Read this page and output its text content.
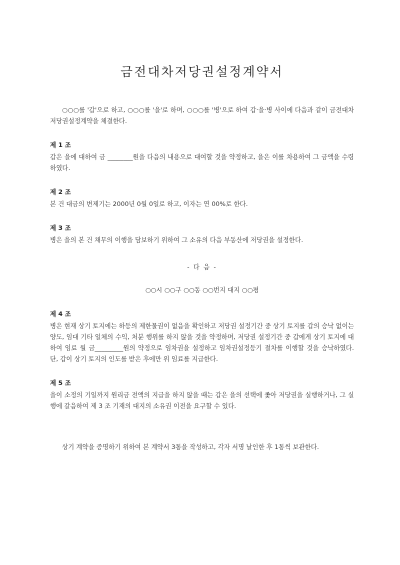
금전대차저당권설정계약서

○○○를 '갑'으로 하고, ○○○를 '을'로 하며, ○○○를 '병'으로 하여 갑·을·병 사이에 다음과 같이 금전대차 저당권설정계약을 체결한다.

제 1 조

갑은 을에 대하여 금 ________원을 다음의 내용으로 대여할 것을 약정하고, 을은 이를 차용하여 그 금액을 수령하였다.

제 2 조

본 건 대금의 변제기는 2000년 0월 0일로 하고, 이자는 연 00%로 한다.

제 3 조

병은 을의 본 건 채무의 이행을 담보하기 위하여 그 소유의 다음 부동산에 저당권을 설정한다.

- 다 음 -

○○시 ○○구 ○○동 ○○번지 대지 ○○평

제 4 조

병은 현재 상기 토지에는 하등의 제한물권이 없음을 확인하고 저당권 설정기간 중 상기 토지를 갑의 승낙 없이는 양도, 임대 기타 일체의 수익, 처분 행위를 하지 않을 것을 약정하며, 저당권 설정기간 중 갑에게 상기 토지에 대하여 임료 월 금_________원의 약정으로 임차권을 설정하고 임차권설정등기 절차를 이행할 것을 승낙하였다. 단, 갑이 상기 토지의 인도를 받은 후에만 위 임료를 지급한다.

제 5 조

을이 소정의 기일까지 원리금 전액의 지급을 하지 않을 때는 갑은 을의 선택에 좇아 저당권을 실행하거나, 그 실행에 갈음하여 제 3 조 기재의 대지의 소유권 이전을 요구할 수 있다.

상기 계약을 증명하기 위하여 본 계약서 3통을 작성하고, 각자 서명 날인한 후 1통씩 보관한다.
